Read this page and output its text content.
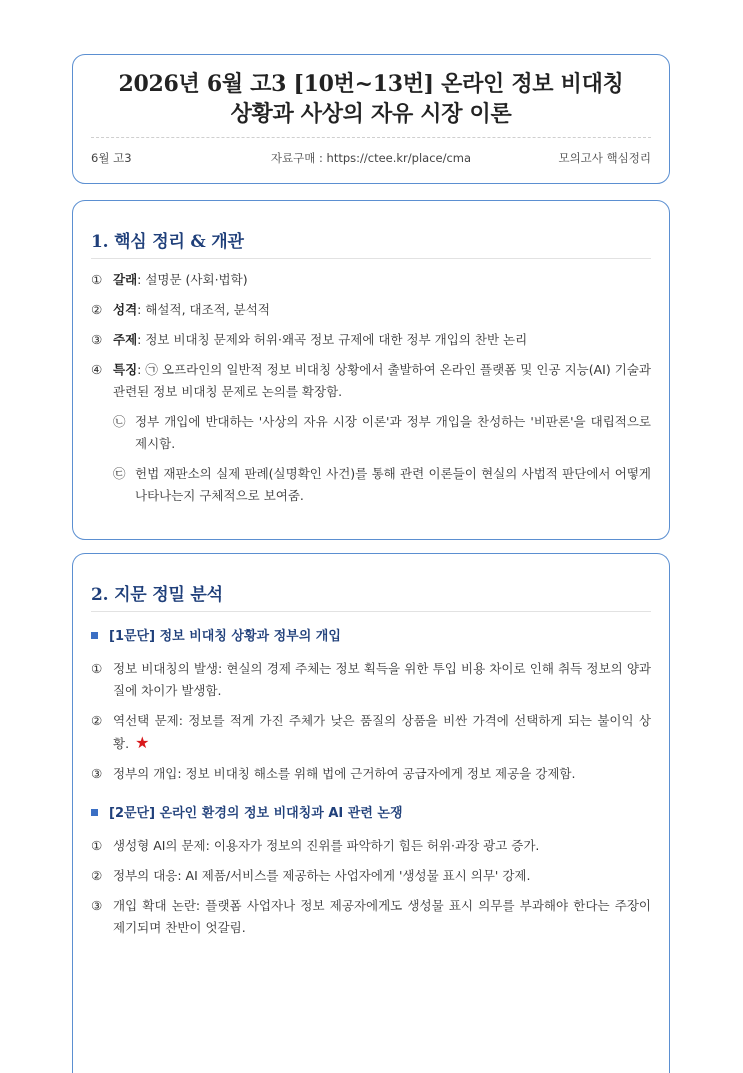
2026년 6월 고3 [10번~13번] 온라인 정보 비대칭
상황과 사상의 자유 시장 이론
6월 고3	자료구매 : https://ctee.kr/place/cma	모의고사 핵심정리
1. 핵심 정리 & 개관
① 갈래: 설명문 (사회·법학)
② 성격: 해설적, 대조적, 분석적
③ 주제: 정보 비대칭 문제와 허위·왜곡 정보 규제에 대한 정부 개입의 찬반 논리
④ 특징: ㉠ 오프라인의 일반적 정보 비대칭 상황에서 출발하여 온라인 플랫폼 및 인공 지능(AI) 기술과 관련된 정보 비대칭 문제로 논의를 확장함.
㉡ 정부 개입에 반대하는 '사상의 자유 시장 이론'과 정부 개입을 찬성하는 '비판론'을 대립적으로 제시함.
㉢ 헌법 재판소의 실제 판례(실명확인 사건)를 통해 관련 이론들이 현실의 사법적 판단에서 어떻게 나타나는지 구체적으로 보여줌.
2. 지문 정밀 분석
[1문단] 정보 비대칭 상황과 정부의 개입
① 정보 비대칭의 발생: 현실의 경제 주체는 정보 획득을 위한 투입 비용 차이로 인해 취득 정보의 양과 질에 차이가 발생함.
② 역선택 문제: 정보를 적게 가진 주체가 낮은 품질의 상품을 비싼 가격에 선택하게 되는 불이익 상황. ★
③ 정부의 개입: 정보 비대칭 해소를 위해 법에 근거하여 공급자에게 정보 제공을 강제함.
[2문단] 온라인 환경의 정보 비대칭과 AI 관련 논쟁
① 생성형 AI의 문제: 이용자가 정보의 진위를 파악하기 힘든 허위·과장 광고 증가.
② 정부의 대응: AI 제품/서비스를 제공하는 사업자에게 '생성물 표시 의무' 강제.
③ 개입 확대 논란: 플랫폼 사업자나 정보 제공자에게도 생성물 표시 의무를 부과해야 한다는 주장이 제기되며 찬반이 엇갈림.
